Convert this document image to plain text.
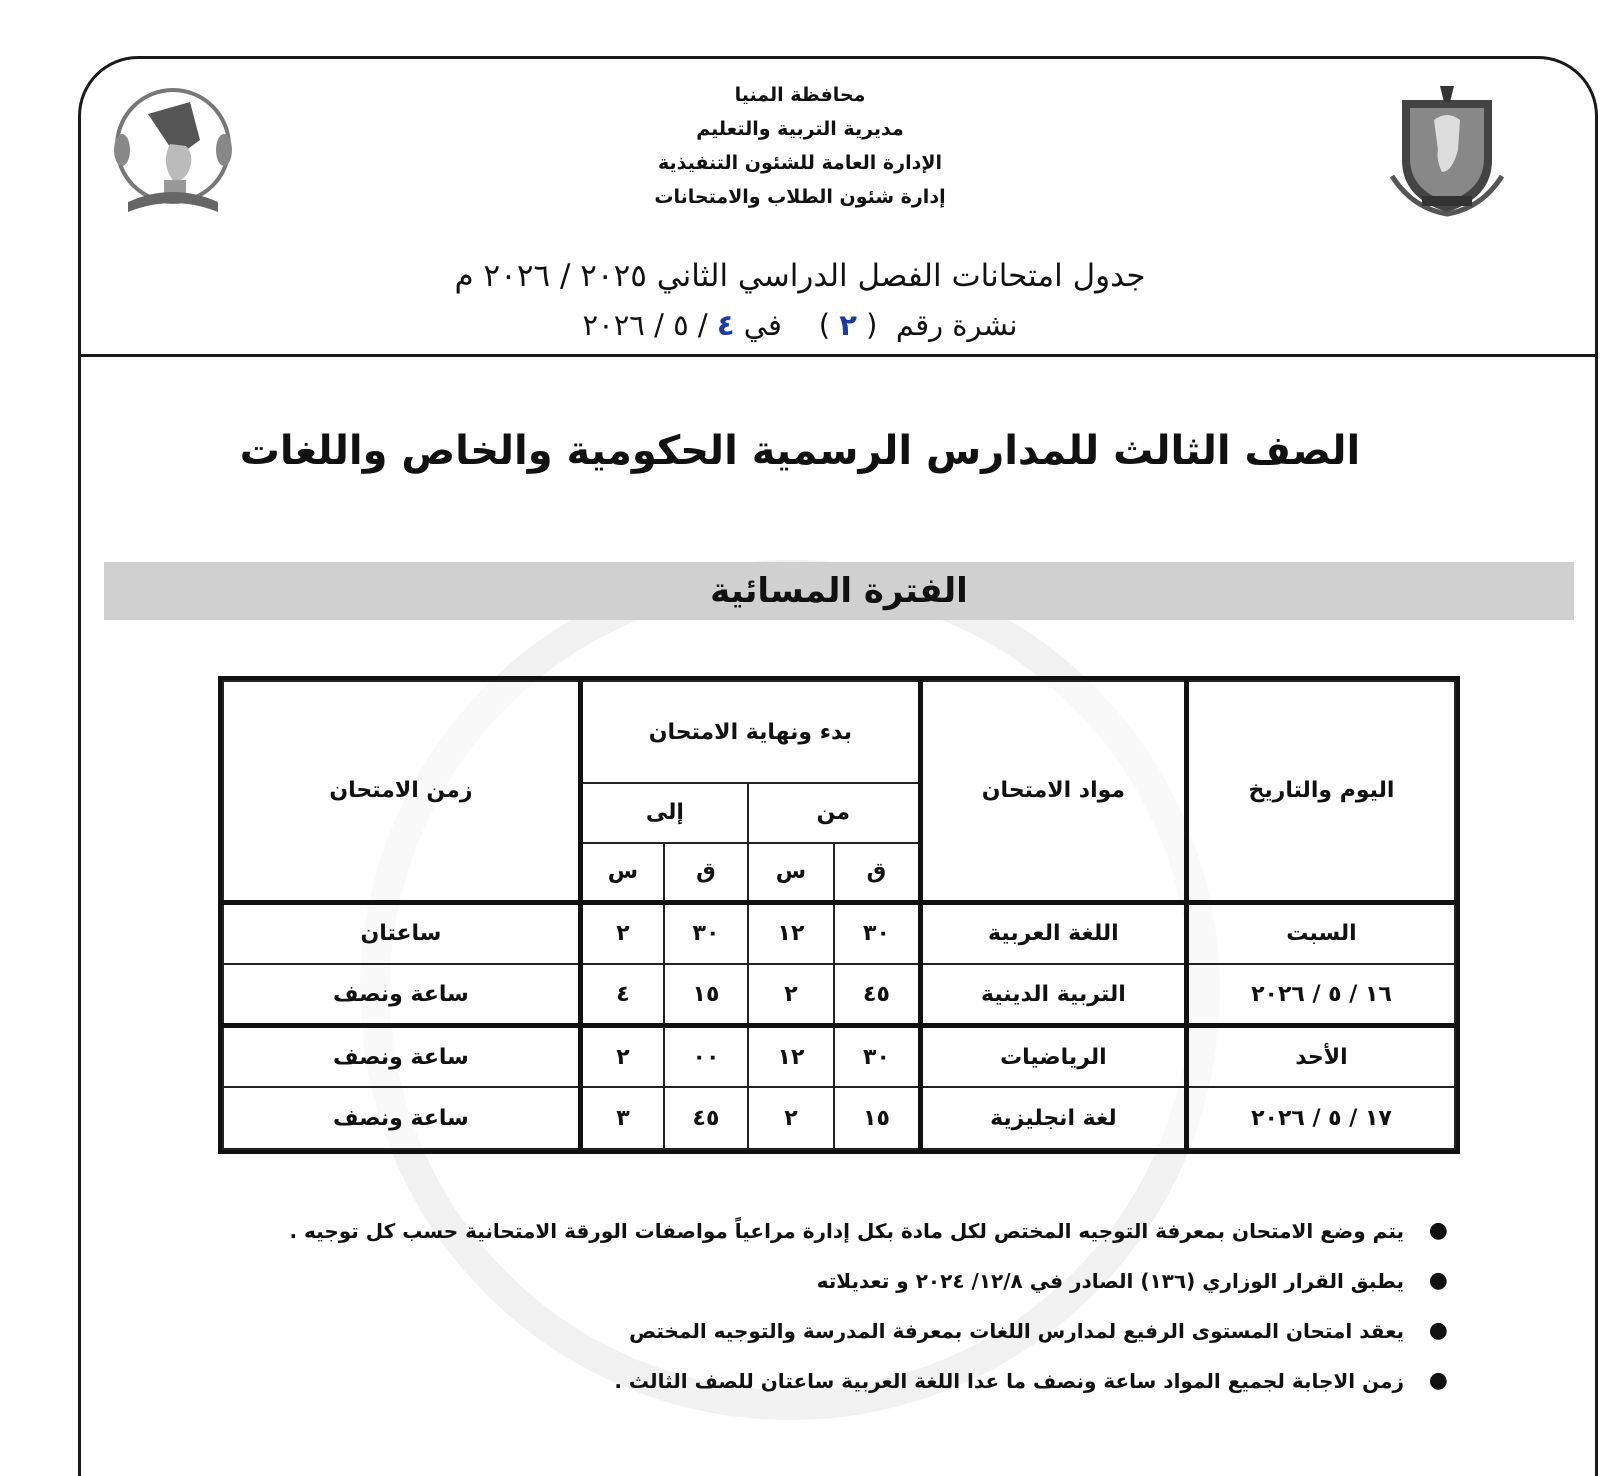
محافظة المنيا
مديرية التربية والتعليم
الإدارة العامة للشئون التنفيذية
إدارة شئون الطلاب والامتحانات
جدول امتحانات الفصل الدراسي الثاني ٢٠٢٥ / ٢٠٢٦ م
نشرة رقم  ( ٢ )    في ٤ / ٥ / ٢٠٢٦
الصف الثالث للمدارس الرسمية الحكومية والخاص واللغات
الفترة المسائية
اليوم والتاريخ	مواد الامتحان	بدء ونهاية الامتحان				زمن الامتحان
		من		إلى		
		ق	س	ق	س	
السبت	اللغة العربية	٣٠	١٢	٣٠	٢	ساعتان
١٦ / ٥ / ٢٠٢٦	التربية الدينية	٤٥	٢	١٥	٤	ساعة ونصف
الأحد	الرياضيات	٣٠	١٢	٠٠	٢	ساعة ونصف
١٧ / ٥ / ٢٠٢٦	لغة انجليزية	١٥	٢	٤٥	٣	ساعة ونصف
●
يتم وضع الامتحان بمعرفة التوجيه المختص لكل مادة بكل إدارة مراعياً مواصفات الورقة الامتحانية حسب كل توجيه .
●
يطبق القرار الوزاري (١٣٦) الصادر في ١٢/٨/ ٢٠٢٤ و تعديلاته
●
يعقد امتحان المستوى الرفيع لمدارس اللغات بمعرفة المدرسة والتوجيه المختص
●
زمن الاجابة لجميع المواد ساعة ونصف ما عدا اللغة العربية ساعتان للصف الثالث .
